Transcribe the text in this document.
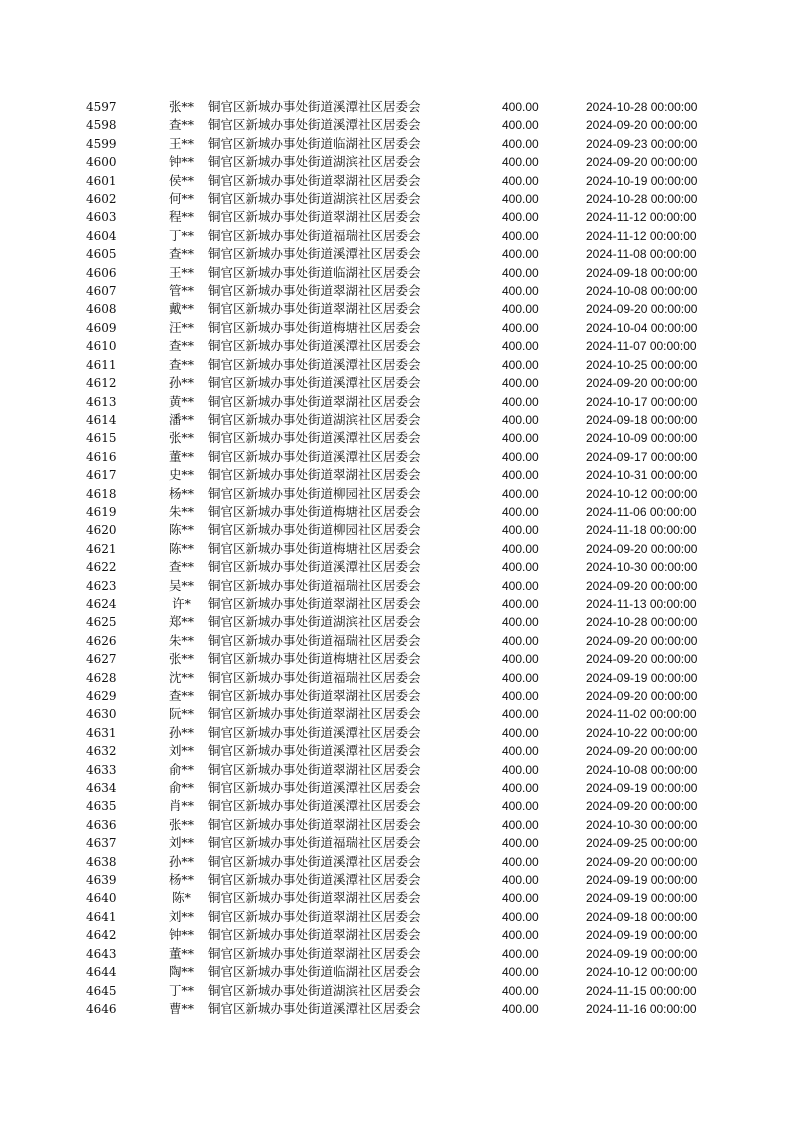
4597	张**	铜官区新城办事处街道溪潭社区居委会	400.00	2024-10-28 00:00:00
4598	查**	铜官区新城办事处街道溪潭社区居委会	400.00	2024-09-20 00:00:00
4599	王**	铜官区新城办事处街道临湖社区居委会	400.00	2024-09-23 00:00:00
4600	钟**	铜官区新城办事处街道湖滨社区居委会	400.00	2024-09-20 00:00:00
4601	侯**	铜官区新城办事处街道翠湖社区居委会	400.00	2024-10-19 00:00:00
4602	何**	铜官区新城办事处街道湖滨社区居委会	400.00	2024-10-28 00:00:00
4603	程**	铜官区新城办事处街道翠湖社区居委会	400.00	2024-11-12 00:00:00
4604	丁**	铜官区新城办事处街道福瑞社区居委会	400.00	2024-11-12 00:00:00
4605	查**	铜官区新城办事处街道溪潭社区居委会	400.00	2024-11-08 00:00:00
4606	王**	铜官区新城办事处街道临湖社区居委会	400.00	2024-09-18 00:00:00
4607	管**	铜官区新城办事处街道翠湖社区居委会	400.00	2024-10-08 00:00:00
4608	戴**	铜官区新城办事处街道翠湖社区居委会	400.00	2024-09-20 00:00:00
4609	汪**	铜官区新城办事处街道梅塘社区居委会	400.00	2024-10-04 00:00:00
4610	查**	铜官区新城办事处街道溪潭社区居委会	400.00	2024-11-07 00:00:00
4611	查**	铜官区新城办事处街道溪潭社区居委会	400.00	2024-10-25 00:00:00
4612	孙**	铜官区新城办事处街道溪潭社区居委会	400.00	2024-09-20 00:00:00
4613	黄**	铜官区新城办事处街道翠湖社区居委会	400.00	2024-10-17 00:00:00
4614	潘**	铜官区新城办事处街道湖滨社区居委会	400.00	2024-09-18 00:00:00
4615	张**	铜官区新城办事处街道溪潭社区居委会	400.00	2024-10-09 00:00:00
4616	董**	铜官区新城办事处街道溪潭社区居委会	400.00	2024-09-17 00:00:00
4617	史**	铜官区新城办事处街道翠湖社区居委会	400.00	2024-10-31 00:00:00
4618	杨**	铜官区新城办事处街道柳园社区居委会	400.00	2024-10-12 00:00:00
4619	朱**	铜官区新城办事处街道梅塘社区居委会	400.00	2024-11-06 00:00:00
4620	陈**	铜官区新城办事处街道柳园社区居委会	400.00	2024-11-18 00:00:00
4621	陈**	铜官区新城办事处街道梅塘社区居委会	400.00	2024-09-20 00:00:00
4622	查**	铜官区新城办事处街道溪潭社区居委会	400.00	2024-10-30 00:00:00
4623	吴**	铜官区新城办事处街道福瑞社区居委会	400.00	2024-09-20 00:00:00
4624	许*	铜官区新城办事处街道翠湖社区居委会	400.00	2024-11-13 00:00:00
4625	郑**	铜官区新城办事处街道湖滨社区居委会	400.00	2024-10-28 00:00:00
4626	朱**	铜官区新城办事处街道福瑞社区居委会	400.00	2024-09-20 00:00:00
4627	张**	铜官区新城办事处街道梅塘社区居委会	400.00	2024-09-20 00:00:00
4628	沈**	铜官区新城办事处街道福瑞社区居委会	400.00	2024-09-19 00:00:00
4629	查**	铜官区新城办事处街道翠湖社区居委会	400.00	2024-09-20 00:00:00
4630	阮**	铜官区新城办事处街道翠湖社区居委会	400.00	2024-11-02 00:00:00
4631	孙**	铜官区新城办事处街道溪潭社区居委会	400.00	2024-10-22 00:00:00
4632	刘**	铜官区新城办事处街道溪潭社区居委会	400.00	2024-09-20 00:00:00
4633	俞**	铜官区新城办事处街道翠湖社区居委会	400.00	2024-10-08 00:00:00
4634	俞**	铜官区新城办事处街道溪潭社区居委会	400.00	2024-09-19 00:00:00
4635	肖**	铜官区新城办事处街道溪潭社区居委会	400.00	2024-09-20 00:00:00
4636	张**	铜官区新城办事处街道翠湖社区居委会	400.00	2024-10-30 00:00:00
4637	刘**	铜官区新城办事处街道福瑞社区居委会	400.00	2024-09-25 00:00:00
4638	孙**	铜官区新城办事处街道溪潭社区居委会	400.00	2024-09-20 00:00:00
4639	杨**	铜官区新城办事处街道溪潭社区居委会	400.00	2024-09-19 00:00:00
4640	陈*	铜官区新城办事处街道翠湖社区居委会	400.00	2024-09-19 00:00:00
4641	刘**	铜官区新城办事处街道翠湖社区居委会	400.00	2024-09-18 00:00:00
4642	钟**	铜官区新城办事处街道翠湖社区居委会	400.00	2024-09-19 00:00:00
4643	董**	铜官区新城办事处街道翠湖社区居委会	400.00	2024-09-19 00:00:00
4644	陶**	铜官区新城办事处街道临湖社区居委会	400.00	2024-10-12 00:00:00
4645	丁**	铜官区新城办事处街道湖滨社区居委会	400.00	2024-11-15 00:00:00
4646	曹**	铜官区新城办事处街道溪潭社区居委会	400.00	2024-11-16 00:00:00
